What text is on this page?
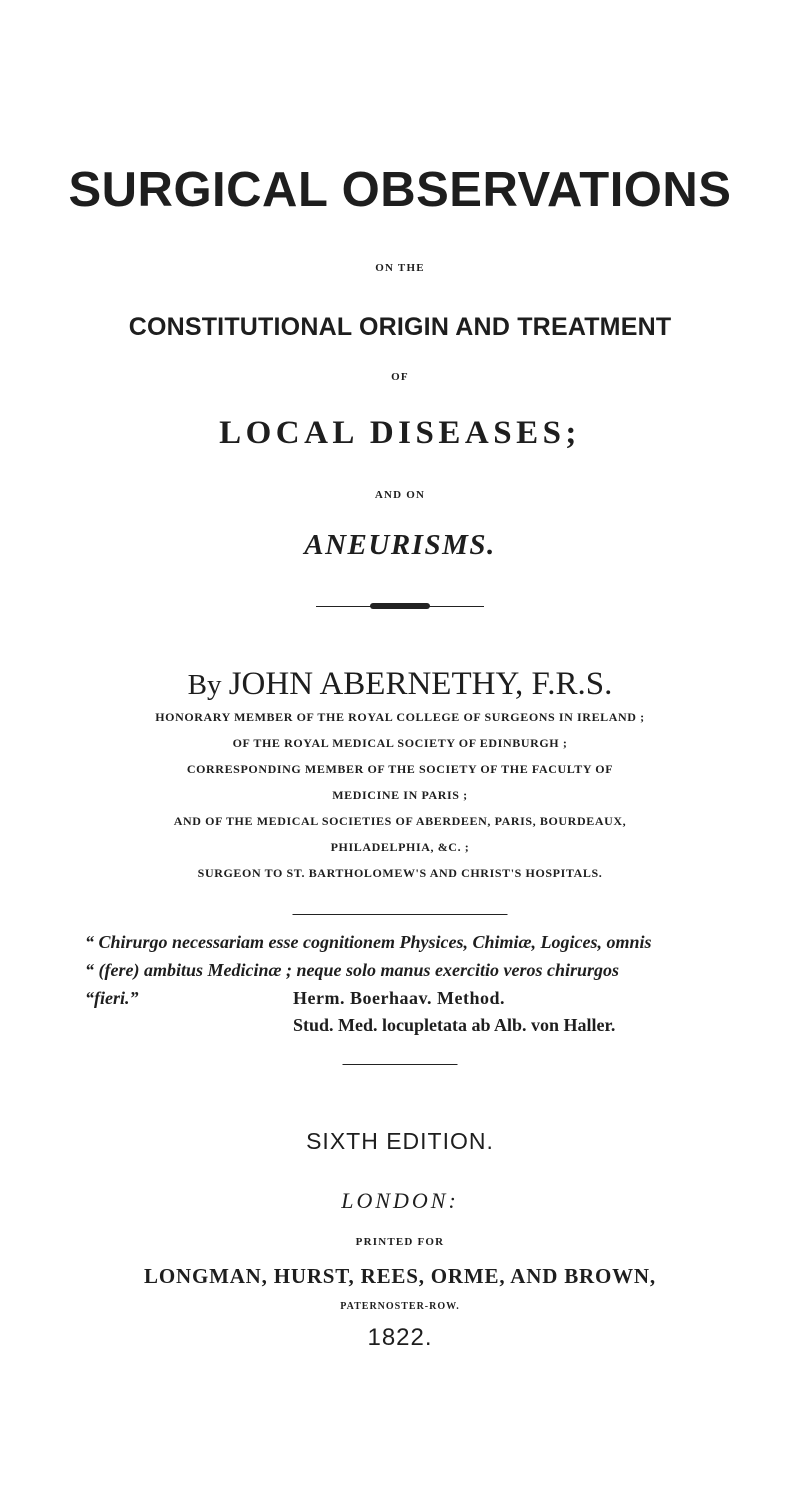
SURGICAL OBSERVATIONS

ON THE

CONSTITUTIONAL ORIGIN AND TREATMENT

OF

LOCAL DISEASES;

AND ON

ANEURISMS.

By JOHN ABERNETHY, F.R.S.

HONORARY MEMBER OF THE ROYAL COLLEGE OF SURGEONS IN IRELAND ;

OF THE ROYAL MEDICAL SOCIETY OF EDINBURGH ;

CORRESPONDING MEMBER OF THE SOCIETY OF THE FACULTY OF

MEDICINE IN PARIS ;

AND OF THE MEDICAL SOCIETIES OF ABERDEEN, PARIS, BOURDEAUX,

PHILADELPHIA, &C. ;

SURGEON TO ST. BARTHOLOMEW'S AND CHRIST'S HOSPITALS.

“ Chirurgo necessariam esse cognitionem Physices, Chimiæ, Logices, omnis

“ (fere) ambitus Medicinæ ; neque solo manus exercitio veros chirurgos

“fieri.”	Herm. Boerhaav. Method.

Stud. Med. locupletata ab Alb. von Haller.

SIXTH EDITION.

LONDON:

PRINTED FOR

LONGMAN, HURST, REES, ORME, AND BROWN,

PATERNOSTER-ROW.

1822.
